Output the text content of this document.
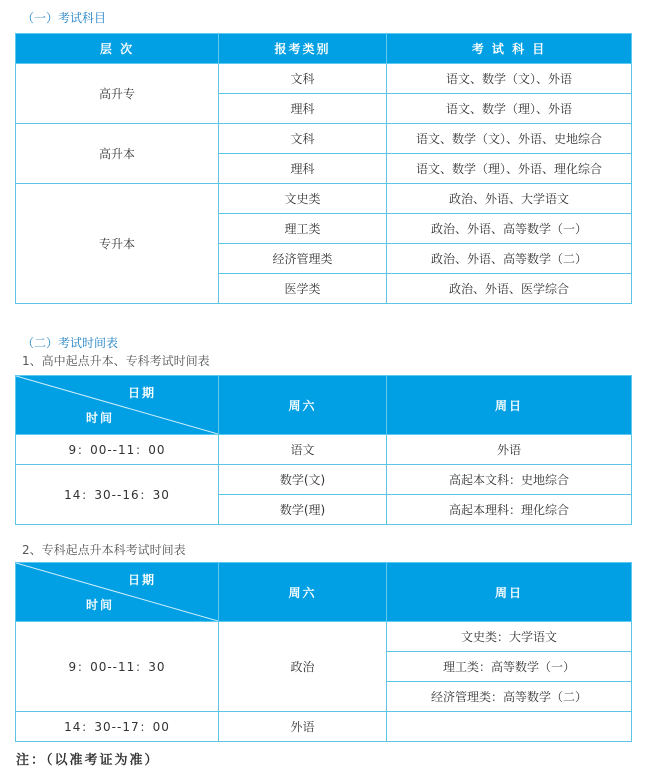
（一）考试科目
层 次	报考类别	考 试 科 目
高升专	文科	语文、数学（文）、外语
	理科	语文、数学（理）、外语
高升本	文科	语文、数学（文）、外语、史地综合
	理科	语文、数学（理）、外语、理化综合
专升本	文史类	政治、外语、大学语文
	理工类	政治、外语、高等数学（一）
	经济管理类	政治、外语、高等数学（二）
	医学类	政治、外语、医学综合
（二）考试时间表
1、高中起点升本、专科考试时间表
日期
时间	周六	周日
9：00--11：00	语文	外语
14：30--16：30	数学(文)	高起本文科：史地综合
	数学(理)	高起本理科：理化综合
2、专科起点升本科考试时间表
日期
时间	周六	周日
9：00--11：30	政治	文史类：大学语文
		理工类：高等数学（一）
		经济管理类：高等数学（二）
14：30--17：00	外语	
注：（以准考证为准）
